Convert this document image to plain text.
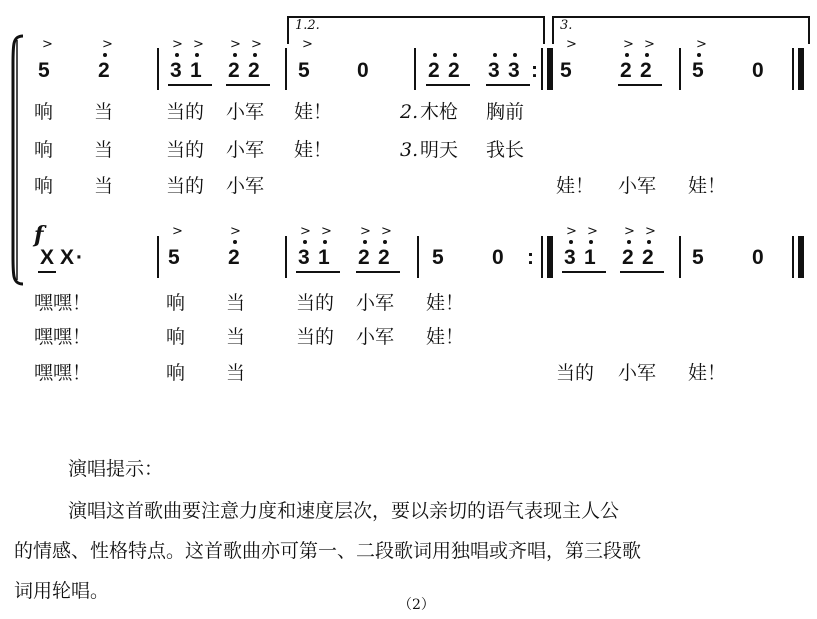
1.2.	3.
>	>	> > > >	>	>	> >	>
5 2	3 1 2 2 5 0	2 2 3 3 : 5 2 2 5 0
响 当	当的 小军 娃！	2. 木枪 胸前
响 当	当的 小军 娃！	3. 明天 我长
响 当	当的 小军	娃！ 小军 娃！
f	>	>	> > > >	> > > >
X X ·	5 2	3 1 2 2 5 0 : 3 1 2 2 5 0
嘿嘿！	响 当	当的 小军 娃！
嘿嘿！	响 当	当的 小军 娃！
嘿嘿！	响 当	当的 小军 娃！
演唱提示：
演唱这首歌曲要注意力度和速度层次，要以亲切的语气表现主人公
的情感、性格特点。这首歌曲亦可第一、二段歌词用独唱或齐唱，第三段歌
词用轮唱。
（2）
